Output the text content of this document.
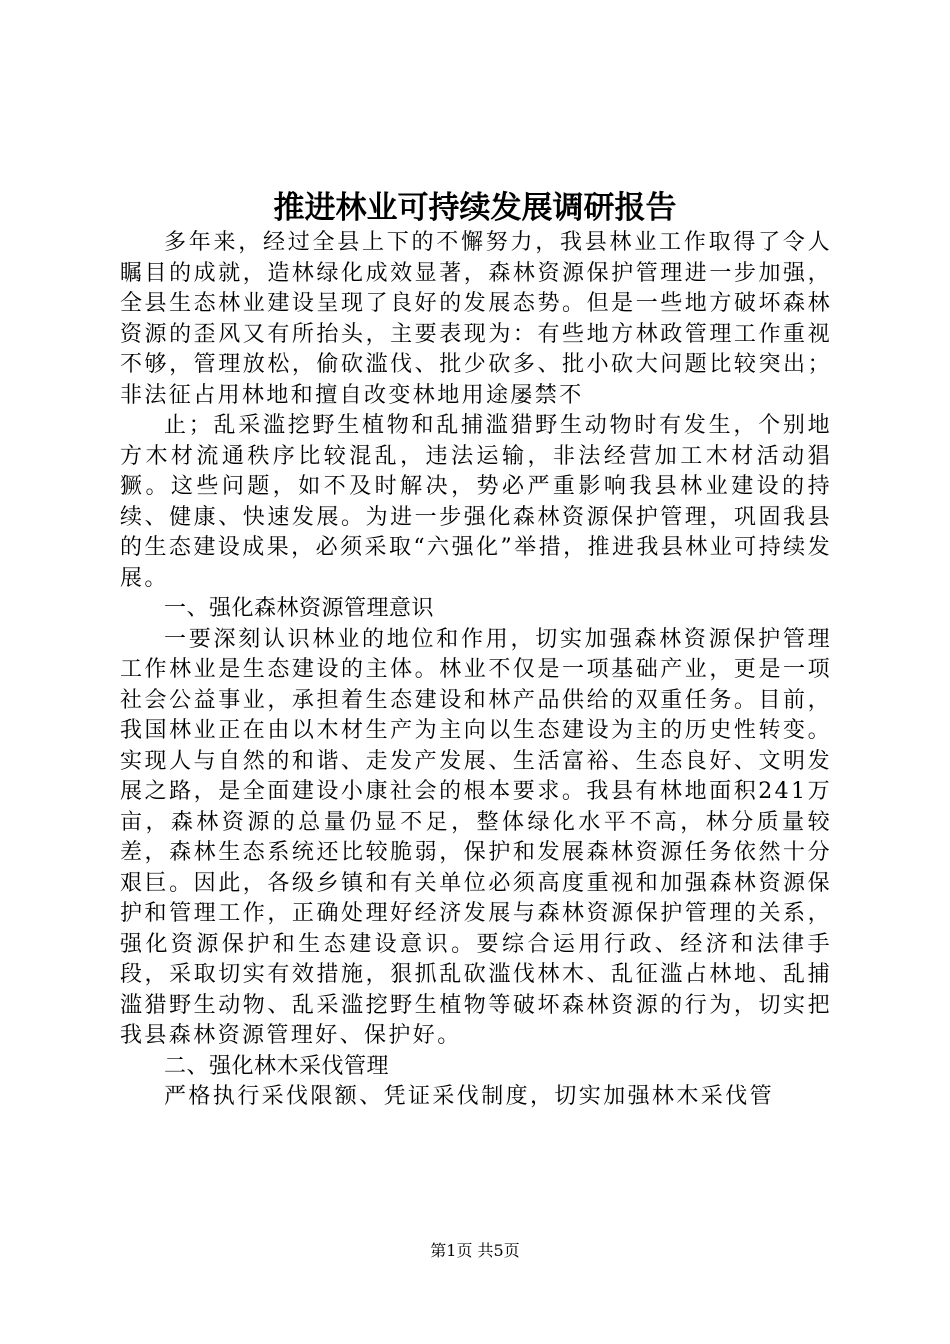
推进林业可持续发展调研报告

多年来，经过全县上下的不懈努力，我县林业工作取得了令人瞩目的成就，造林绿化成效显著，森林资源保护管理进一步加强，全县生态林业建设呈现了良好的发展态势。但是一些地方破坏森林资源的歪风又有所抬头，主要表现为：有些地方林政管理工作重视不够，管理放松，偷砍滥伐、批少砍多、批小砍大问题比较突出；非法征占用林地和擅自改变林地用途屡禁不

止；乱采滥挖野生植物和乱捕滥猎野生动物时有发生，个别地方木材流通秩序比较混乱，违法运输，非法经营加工木材活动猖獗。这些问题，如不及时解决，势必严重影响我县林业建设的持续、健康、快速发展。为进一步强化森林资源保护管理，巩固我县的生态建设成果，必须采取“六强化”举措，推进我县林业可持续发展。

一、强化森林资源管理意识

一要深刻认识林业的地位和作用，切实加强森林资源保护管理工作林业是生态建设的主体。林业不仅是一项基础产业，更是一项社会公益事业，承担着生态建设和林产品供给的双重任务。目前，我国林业正在由以木材生产为主向以生态建设为主的历史性转变。实现人与自然的和谐、走发产发展、生活富裕、生态良好、文明发展之路，是全面建设小康社会的根本要求。我县有林地面积241万亩，森林资源的总量仍显不足，整体绿化水平不高，林分质量较差，森林生态系统还比较脆弱，保护和发展森林资源任务依然十分艰巨。因此，各级乡镇和有关单位必须高度重视和加强森林资源保护和管理工作，正确处理好经济发展与森林资源保护管理的关系，强化资源保护和生态建设意识。要综合运用行政、经济和法律手段，采取切实有效措施，狠抓乱砍滥伐林木、乱征滥占林地、乱捕滥猎野生动物、乱采滥挖野生植物等破坏森林资源的行为，切实把我县森林资源管理好、保护好。

二、强化林木采伐管理

严格执行采伐限额、凭证采伐制度，切实加强林木采伐管

第1页 共5页
